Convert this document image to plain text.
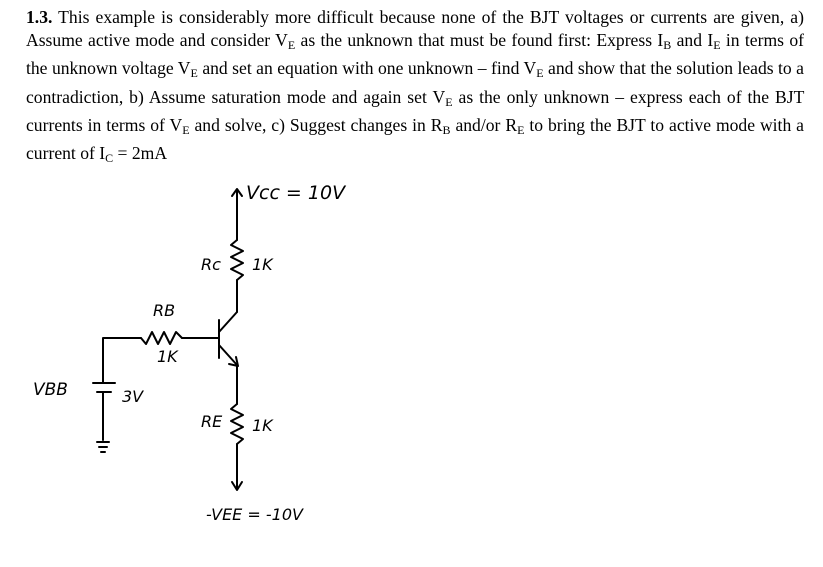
1.3. This example is considerably more difficult because none of the BJT voltages or currents are given, a) Assume active mode and consider $V_E$ as the unknown that must be found first: Express $I_B$ and $I_E$ in terms of the unknown voltage $V_E$ and set an equation with one unknown – find $V_E$ and show that the solution leads to a contradiction, b) Assume saturation mode and again set $V_E$ as the only unknown – express each of the BJT currents in terms of $V_E$ and solve, c) Suggest changes in $R_B$ and/or $R_E$ to bring the BJT to active mode with a current of $I_C = 2mA$
Vcc = 10V
Rc 1K
RB
1K
VBB	3V
RE 1K
-VEE = -10V
